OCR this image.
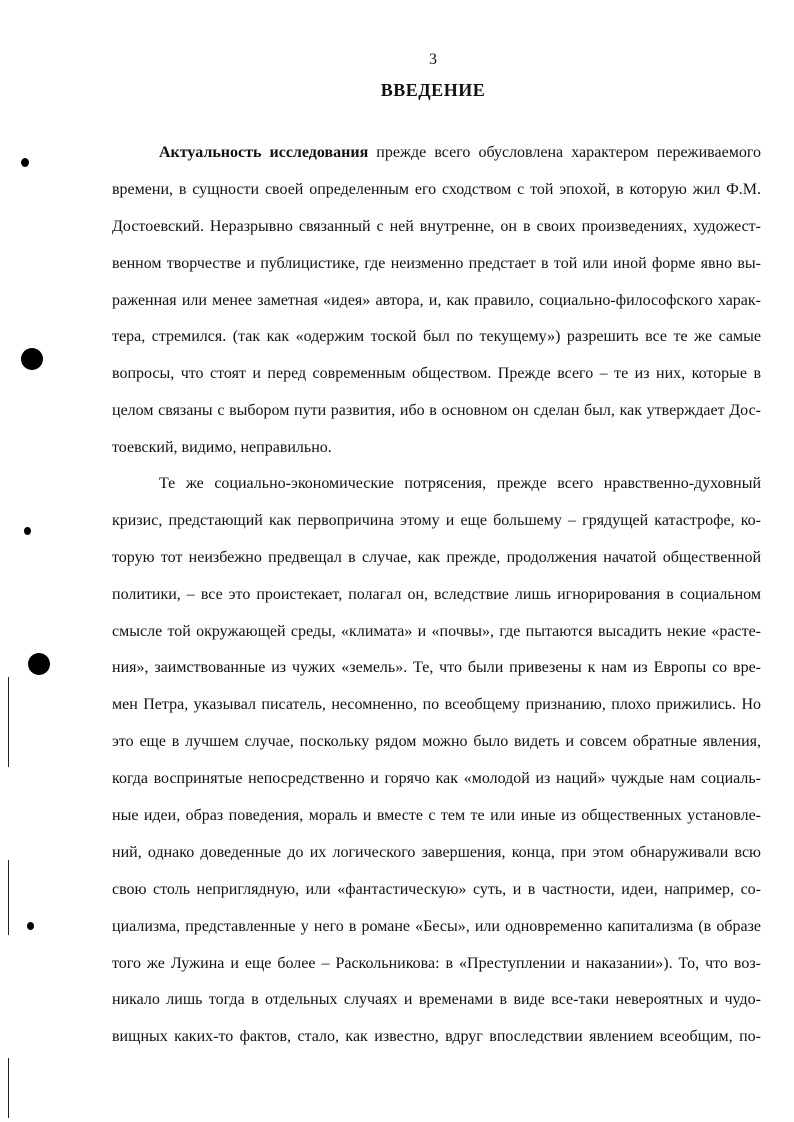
3
ВВЕДЕНИЕ
Актуальность исследования прежде всего обусловлена характером переживаемого
времени, в сущности своей определенным его сходством с той эпохой, в которую жил Ф.М.
Достоевский. Неразрывно связанный с ней внутренне, он в своих произведениях, художест-
венном творчестве и публицистике, где неизменно предстает в той или иной форме явно вы-
раженная или менее заметная «идея» автора, и, как правило, социально-философского харак-
тера, стремился. (так как «одержим тоской был по текущему») разрешить все те же самые
вопросы, что стоят и перед современным обществом. Прежде всего – те из них, которые в
целом связаны с выбором пути развития, ибо в основном он сделан был, как утверждает Дос-
тоевский, видимо, неправильно.
Те же социально-экономические потрясения, прежде всего нравственно-духовный
кризис, предстающий как первопричина этому и еще большему – грядущей катастрофе, ко-
торую тот неизбежно предвещал в случае, как прежде, продолжения начатой общественной
политики, – все это проистекает, полагал он, вследствие лишь игнорирования в социальном
смысле той окружающей среды, «климата» и «почвы», где пытаются высадить некие «расте-
ния», заимствованные из чужих «земель». Те, что были привезены к нам из Европы со вре-
мен Петра, указывал писатель, несомненно, по всеобщему признанию, плохо прижились. Но
это еще в лучшем случае, поскольку рядом можно было видеть и совсем обратные явления,
когда воспринятые непосредственно и горячо как «молодой из наций» чуждые нам социаль-
ные идеи, образ поведения, мораль и вместе с тем те или иные из общественных установле-
ний, однако доведенные до их логического завершения, конца, при этом обнаруживали всю
свою столь неприглядную, или «фантастическую» суть, и в частности, идеи, например, со-
циализма, представленные у него в романе «Бесы», или одновременно капитализма (в образе
того же Лужина и еще более – Раскольникова: в «Преступлении и наказании»). То, что воз-
никало лишь тогда в отдельных случаях и временами в виде все-таки невероятных и чудо-
вищных каких-то фактов, стало, как известно, вдруг впоследствии явлением всеобщим, по-
